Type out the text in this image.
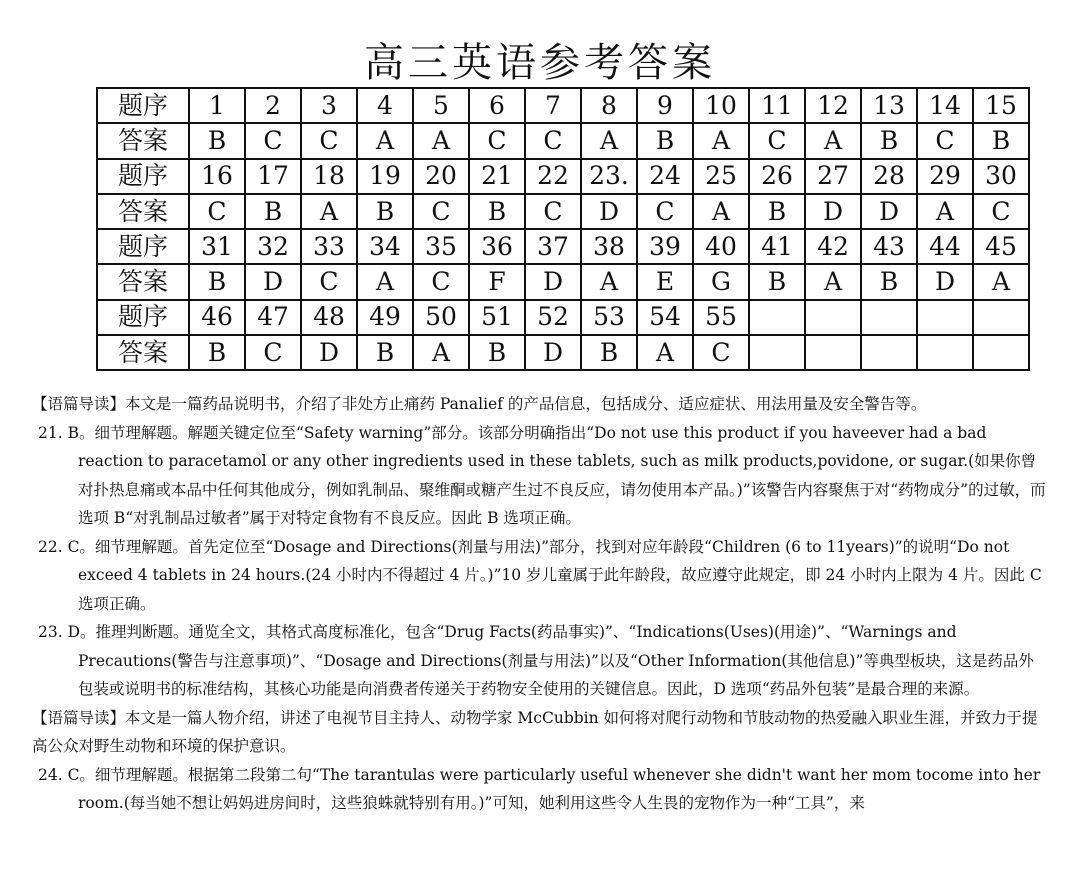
高三英语参考答案
题序	1	2	3	4	5	6	7	8	9	10	11	12	13	14	15
答案	B	C	C	A	A	C	C	A	B	A	C	A	B	C	B
题序	16	17	18	19	20	21	22	23.	24	25	26	27	28	29	30
答案	C	B	A	B	C	B	C	D	C	A	B	D	D	A	C
题序	31	32	33	34	35	36	37	38	39	40	41	42	43	44	45
答案	B	D	C	A	C	F	D	A	E	G	B	A	B	D	A
题序	46	47	48	49	50	51	52	53	54	55					
答案	B	C	D	B	A	B	D	B	A	C					

【语篇导读】本文是一篇药品说明书，介绍了非处方止痛药 Panalief 的产品信息，包括成分、适应症状、用法用量及安全警告等。

21. B。细节理解题。解题关键定位至“Safety warning”部分。该部分明确指出“Do not use this product if you haveever had a bad reaction to paracetamol or any other ingredients used in these tablets, such as milk products,povidone, or sugar.(如果你曾对扑热息痛或本品中任何其他成分，例如乳制品、聚维酮或糖产生过不良反应，请勿使用本产品。)”该警告内容聚焦于对“药物成分”的过敏，而选项 B“对乳制品过敏者”属于对特定食物有不良反应。因此 B 选项正确。

22. C。细节理解题。首先定位至“Dosage and Directions(剂量与用法)”部分，找到对应年龄段“Children (6 to 11years)”的说明“Do not exceed 4 tablets in 24 hours.(24 小时内不得超过 4 片。)”10 岁儿童属于此年龄段，故应遵守此规定，即 24 小时内上限为 4 片。因此 C 选项正确。

23. D。推理判断题。通览全文，其格式高度标准化，包含“Drug Facts(药品事实)”、“Indications(Uses)(用途)”、“Warnings and Precautions(警告与注意事项)”、“Dosage and Directions(剂量与用法)”以及“Other Information(其他信息)”等典型板块，这是药品外包装或说明书的标准结构，其核心功能是向消费者传递关于药物安全使用的关键信息。因此，D 选项“药品外包装”是最合理的来源。

【语篇导读】本文是一篇人物介绍，讲述了电视节目主持人、动物学家 McCubbin 如何将对爬行动物和节肢动物的热爱融入职业生涯，并致力于提高公众对野生动物和环境的保护意识。

24. C。细节理解题。根据第二段第二句“The tarantulas were particularly useful whenever she didn't want her mom tocome into her room.(每当她不想让妈妈进房间时，这些狼蛛就特别有用。)”可知，她利用这些令人生畏的宠物作为一种“工具”，来
